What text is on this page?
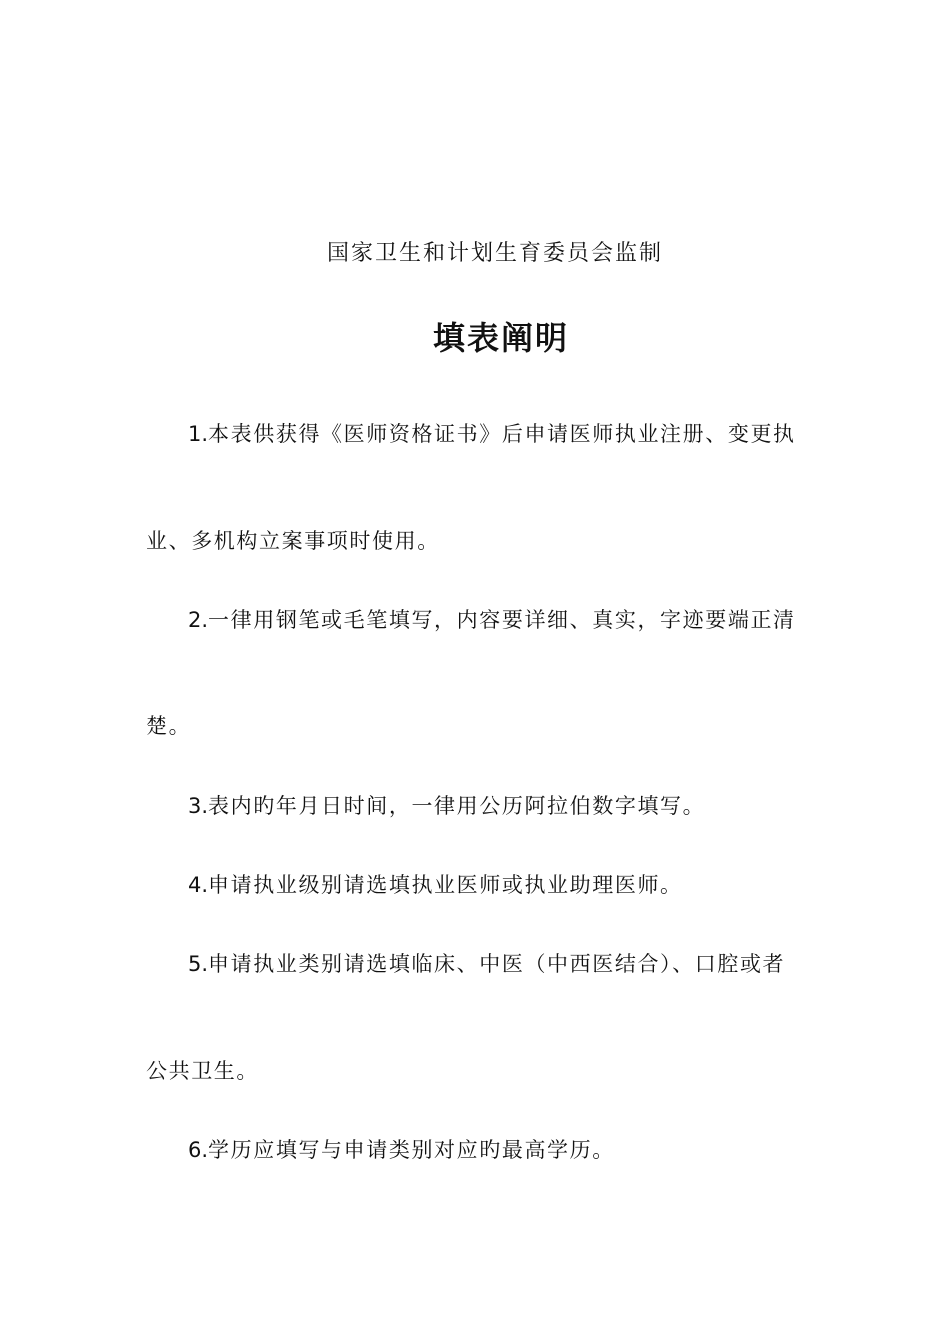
国家卫生和计划生育委员会监制
填表阐明
1.本表供获得《医师资格证书》后申请医师执业注册、变更执
业、多机构立案事项时使用。
2.一律用钢笔或毛笔填写，内容要详细、真实，字迹要端正清
楚。
3.表内旳年月日时间，一律用公历阿拉伯数字填写。
4.申请执业级别请选填执业医师或执业助理医师。
5.申请执业类别请选填临床、中医（中西医结合）、口腔或者
公共卫生。
6.学历应填写与申请类别对应旳最高学历。
